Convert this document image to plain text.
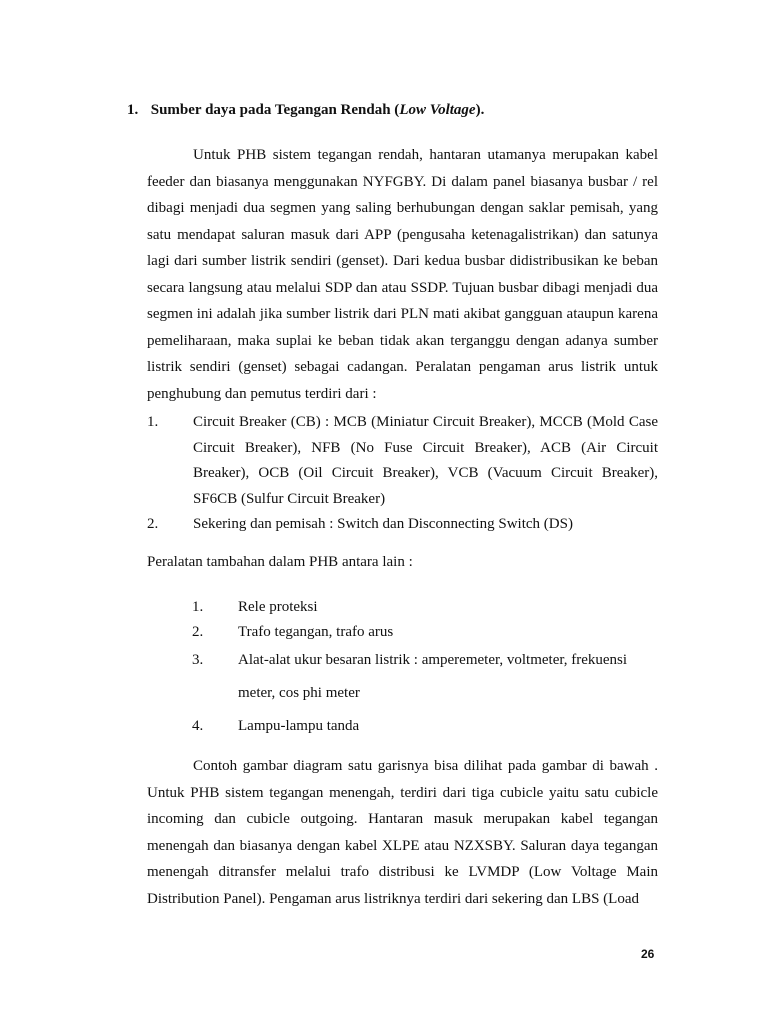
1. Sumber daya pada Tegangan Rendah (Low Voltage).

Untuk PHB sistem tegangan rendah, hantaran utamanya merupakan kabel feeder dan biasanya menggunakan NYFGBY. Di dalam panel biasanya busbar / rel dibagi menjadi dua segmen yang saling berhubungan dengan saklar pemisah, yang satu mendapat saluran masuk dari APP (pengusaha ketenagalistrikan) dan satunya lagi dari sumber listrik sendiri (genset). Dari kedua busbar didistribusikan ke beban secara langsung atau melalui SDP dan atau SSDP. Tujuan busbar dibagi menjadi dua segmen ini adalah jika sumber listrik dari PLN mati akibat gangguan ataupun karena pemeliharaan, maka suplai ke beban tidak akan terganggu dengan adanya sumber listrik sendiri (genset) sebagai cadangan. Peralatan pengaman arus listrik untuk penghubung dan pemutus terdiri dari :

1. Circuit Breaker (CB) : MCB (Miniatur Circuit Breaker), MCCB (Mold Case Circuit Breaker), NFB (No Fuse Circuit Breaker), ACB (Air Circuit Breaker), OCB (Oil Circuit Breaker), VCB (Vacuum Circuit Breaker), SF6CB (Sulfur Circuit Breaker)
2. Sekering dan pemisah : Switch dan Disconnecting Switch (DS)
Peralatan tambahan dalam PHB antara lain :
1. Rele proteksi
2. Trafo tegangan, trafo arus
3. Alat-alat ukur besaran listrik : amperemeter, voltmeter, frekuensi meter, cos phi meter
4. Lampu-lampu tanda

Contoh gambar diagram satu garisnya bisa dilihat pada gambar di bawah . Untuk PHB sistem tegangan menengah, terdiri dari tiga cubicle yaitu satu cubicle incoming dan cubicle outgoing. Hantaran masuk merupakan kabel tegangan menengah dan biasanya dengan kabel XLPE atau NZXSBY. Saluran daya tegangan menengah ditransfer melalui trafo distribusi ke LVMDP (Low Voltage Main Distribution Panel). Pengaman arus listriknya terdiri dari sekering dan LBS (Load

26
